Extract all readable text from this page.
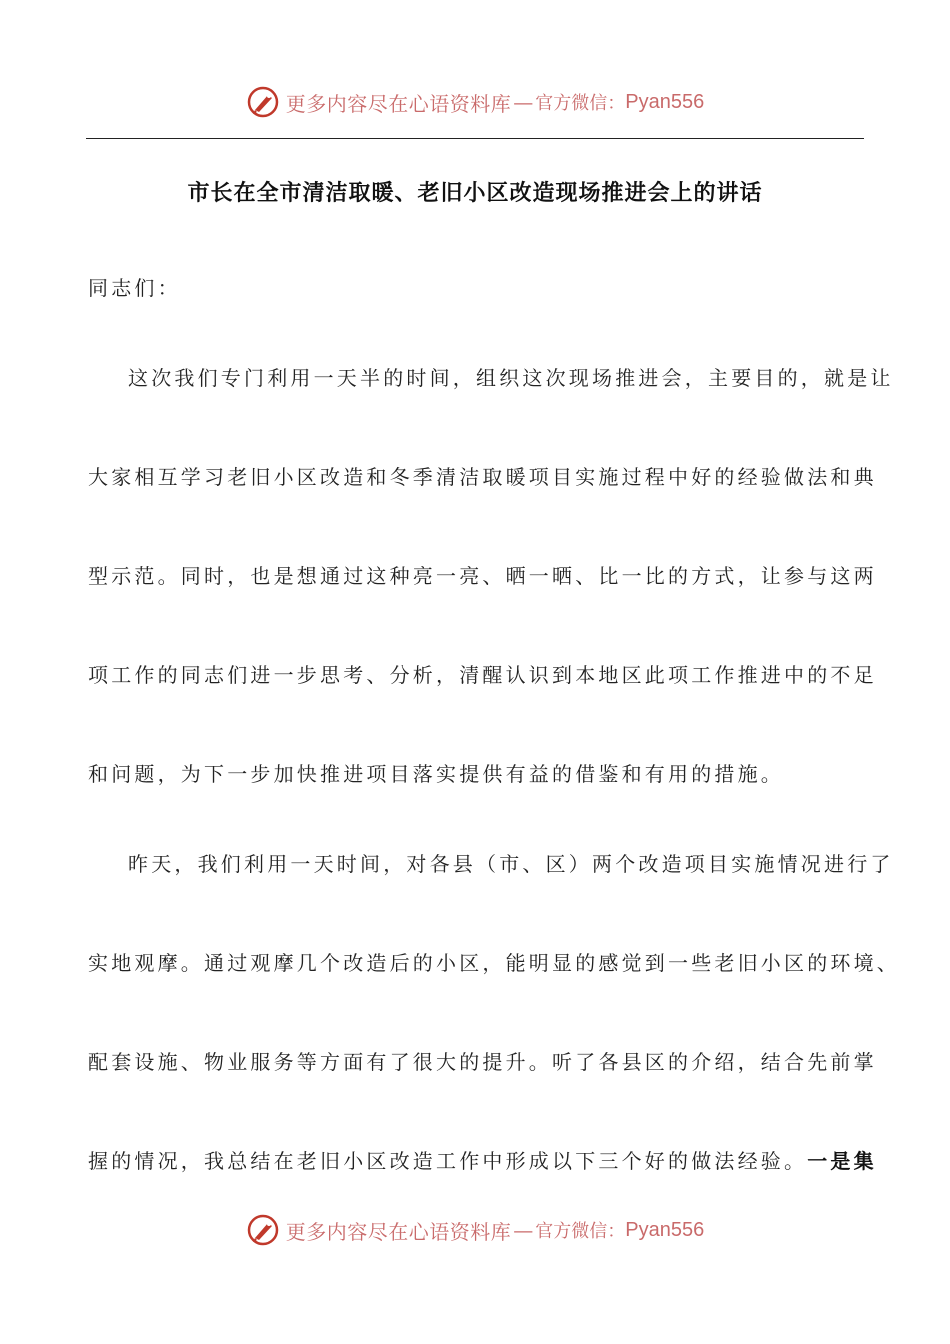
更多内容尽在心语资料库 — 官方微信： Pyan556
市长在全市清洁取暖、老旧小区改造现场推进会上的讲话
同志们：
这次我们专门利用一天半的时间，组织这次现场推进会，主要目的，就是让
大家相互学习老旧小区改造和冬季清洁取暖项目实施过程中好的经验做法和典
型示范。同时，也是想通过这种亮一亮、晒一晒、比一比的方式，让参与这两
项工作的同志们进一步思考、分析，清醒认识到本地区此项工作推进中的不足
和问题，为下一步加快推进项目落实提供有益的借鉴和有用的措施。
昨天，我们利用一天时间，对各县（市、区）两个改造项目实施情况进行了
实地观摩。通过观摩几个改造后的小区，能明显的感觉到一些老旧小区的环境、
配套设施、物业服务等方面有了很大的提升。听了各县区的介绍，结合先前掌
握的情况，我总结在老旧小区改造工作中形成以下三个好的做法经验。一是集
更多内容尽在心语资料库 — 官方微信： Pyan556
